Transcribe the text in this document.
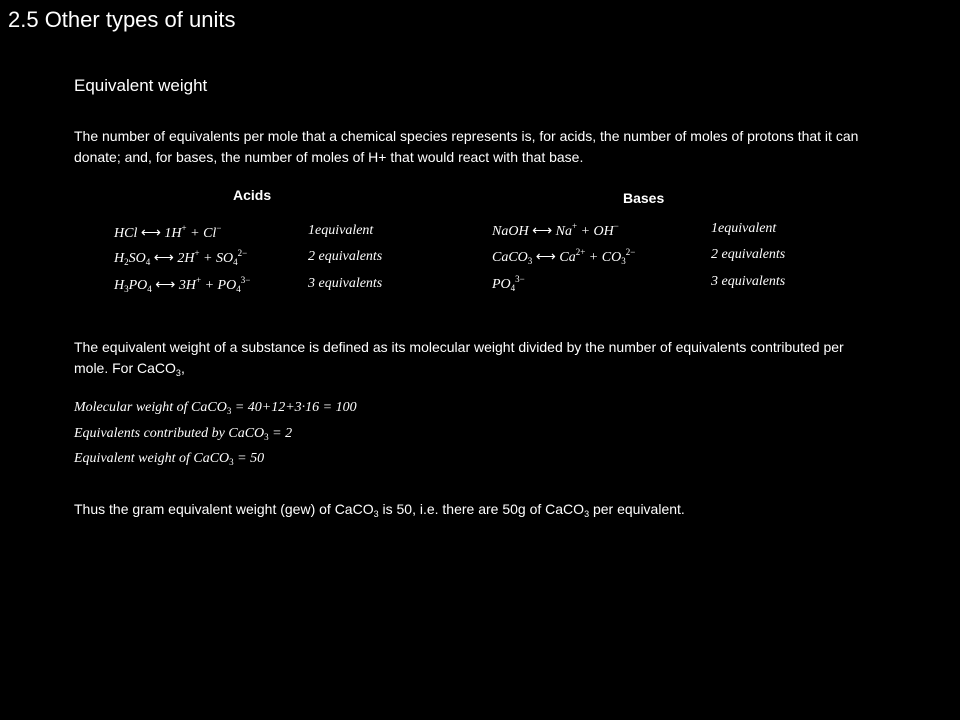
2.5 Other types of units
Equivalent weight
The number of equivalents per mole that a chemical species represents is, for acids, the number of moles of protons that it can donate; and, for bases, the number of moles of H+ that would react with that base.
Acids	Bases
HCl ⟷ 1H+ + Cl−
$H_2SO_4$ ⟷ $2H^+ + SO_4^{2-}$
$H_3PO_4$ ⟷ $3H^+ + PO_4^{3-}$
1equivalent
2 equivalents
3 equivalents
NaOH ⟷ Na+ + OH−
CaCO$_3$ ⟷ $Ca^{2+} + CO_3^{2-}$
$PO_4^{3-}$
1equivalent
2 equivalents
3 equivalents
The equivalent weight of a substance is defined as its molecular weight divided by the number of equivalents contributed per mole. For CaCO$_3$,
Molecular weight of CaCO$_3$ = 40+12+3·16 = 100
Equivalents contributed by CaCO$_3$ = 2
Equivalent weight of CaCO$_3$ = 50
Thus the gram equivalent weight (gew) of CaCO$_3$ is 50, i.e. there are 50g of CaCO$_3$ per equivalent.
